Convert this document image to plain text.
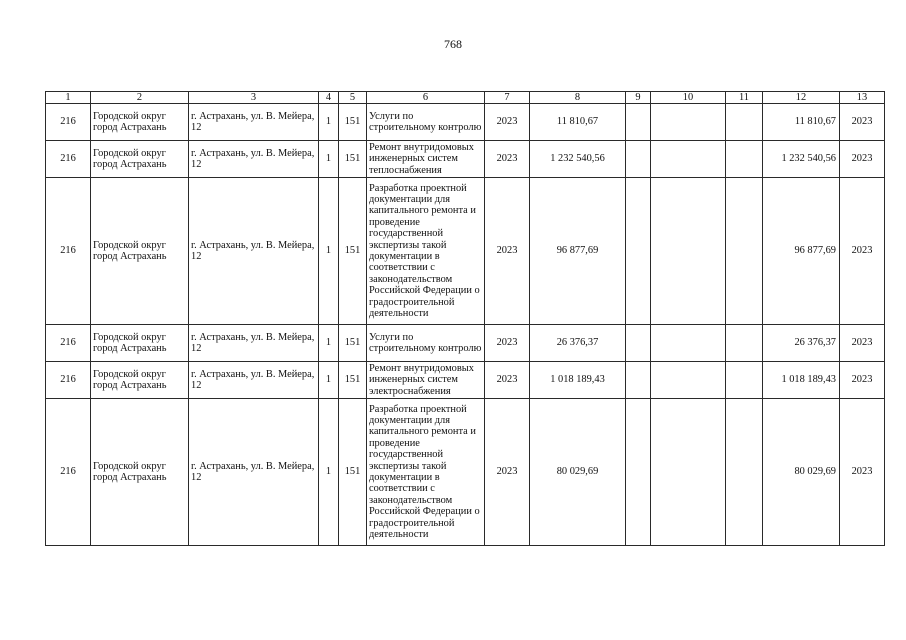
768
1	2	3	4	5	6	7	8	9	10	11	12	13
216	Городской округ город Астрахань	г. Астрахань, ул. В. Мейера, 12	1	151	Услуги по строительному контролю	2023	11 810,67				11 810,67	2023
216	Городской округ город Астрахань	г. Астрахань, ул. В. Мейера, 12	1	151	Ремонт внутридомовых инженерных систем теплоснабжения	2023	1 232 540,56				1 232 540,56	2023
216	Городской округ город Астрахань	г. Астрахань, ул. В. Мейера, 12	1	151	Разработка проектной документации для капитального ремонта и проведение государственной экспертизы такой документации в соответствии с законодательством Российской Федерации о градостроительной деятельности	2023	96 877,69				96 877,69	2023
216	Городской округ город Астрахань	г. Астрахань, ул. В. Мейера, 12	1	151	Услуги по строительному контролю	2023	26 376,37				26 376,37	2023
216	Городской округ город Астрахань	г. Астрахань, ул. В. Мейера, 12	1	151	Ремонт внутридомовых инженерных систем электроснабжения	2023	1 018 189,43				1 018 189,43	2023
216	Городской округ город Астрахань	г. Астрахань, ул. В. Мейера, 12	1	151	Разработка проектной документации для капитального ремонта и проведение государственной экспертизы такой документации в соответствии с законодательством Российской Федерации о градостроительной деятельности	2023	80 029,69				80 029,69	2023
